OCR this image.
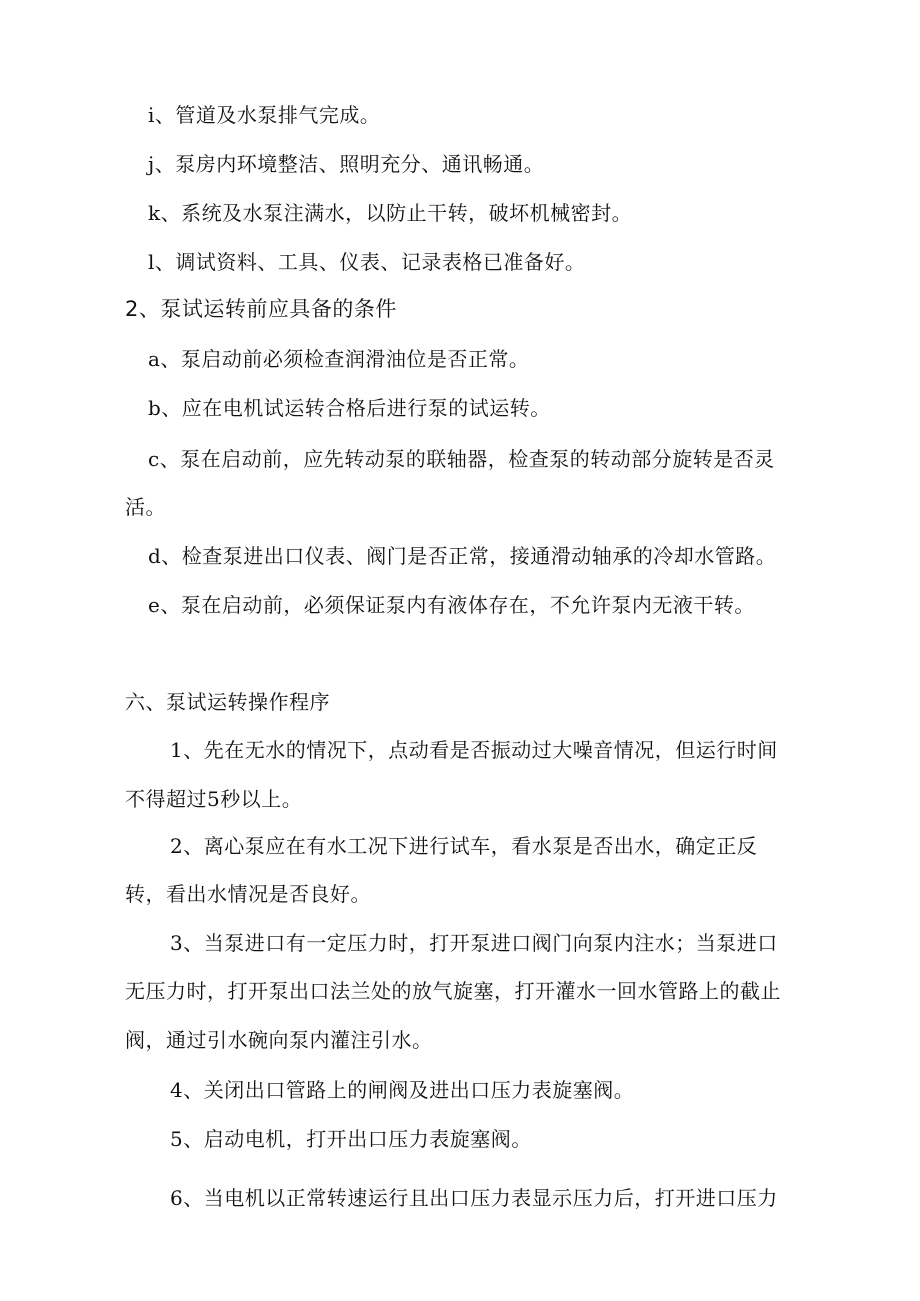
i、管道及水泵排气完成。
j、泵房内环境整洁、照明充分、通讯畅通。
k、系统及水泵注满水，以防止干转，破坏机械密封。
l、调试资料、工具、仪表、记录表格已准备好。
2、泵试运转前应具备的条件
a、泵启动前必须检查润滑油位是否正常。
b、应在电机试运转合格后进行泵的试运转。
c、泵在启动前，应先转动泵的联轴器，检查泵的转动部分旋转是否灵
活。
d、检查泵进出口仪表、阀门是否正常，接通滑动轴承的冷却水管路。
e、泵在启动前，必须保证泵内有液体存在，不允许泵内无液干转。
六、泵试运转操作程序
1、先在无水的情况下，点动看是否振动过大噪音情况，但运行时间
不得超过5秒以上。
2、离心泵应在有水工况下进行试车，看水泵是否出水，确定正反
转，看出水情况是否良好。
3、当泵进口有一定压力时，打开泵进口阀门向泵内注水；当泵进口
无压力时，打开泵出口法兰处的放气旋塞，打开灌水一回水管路上的截止
阀，通过引水碗向泵内灌注引水。
4、关闭出口管路上的闸阀及进出口压力表旋塞阀。
5、启动电机，打开出口压力表旋塞阀。
6、当电机以正常转速运行且出口压力表显示压力后，打开进口压力
